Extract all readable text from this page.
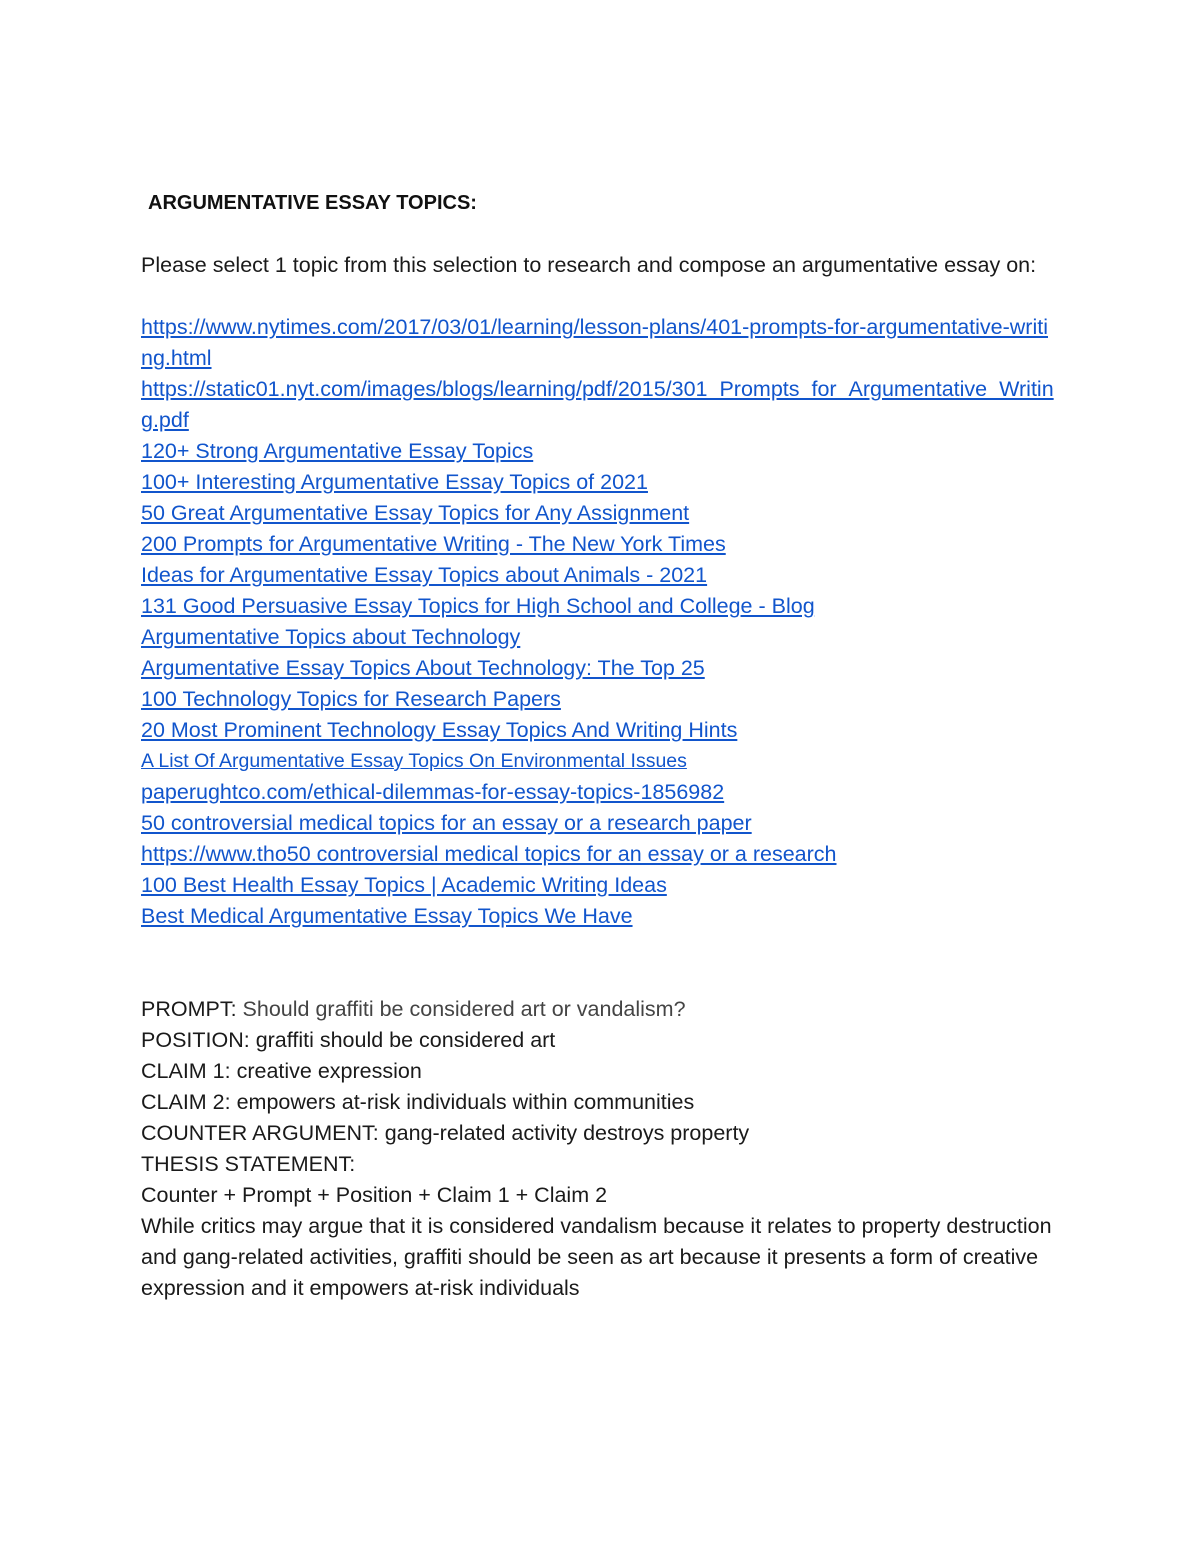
ARGUMENTATIVE ESSAY TOPICS:
Please select 1 topic from this selection to research and compose an argumentative essay on:
https://www.nytimes.com/2017/03/01/learning/lesson-plans/401-prompts-for-argumentative-writing.html
https://static01.nyt.com/images/blogs/learning/pdf/2015/301_Prompts_for_Argumentative_Writing.pdf
120+ Strong Argumentative Essay Topics
100+ Interesting Argumentative Essay Topics of 2021
50 Great Argumentative Essay Topics for Any Assignment
200 Prompts for Argumentative Writing - The New York Times
Ideas for Argumentative Essay Topics about Animals - 2021
131 Good Persuasive Essay Topics for High School and College - Blog
Argumentative Topics about Technology
Argumentative Essay Topics About Technology: The Top 25
100 Technology Topics for Research Papers
20 Most Prominent Technology Essay Topics And Writing Hints
A List Of Argumentative Essay Topics On Environmental Issues
paperughtco.com/ethical-dilemmas-for-essay-topics-1856982
50 controversial medical topics for an essay or a research paper
https://www.tho50 controversial medical topics for an essay or a research
100 Best Health Essay Topics | Academic Writing Ideas
Best Medical Argumentative Essay Topics We Have
PROMPT: Should graffiti be considered art or vandalism?
POSITION: graffiti should be considered art
CLAIM 1: creative expression
CLAIM 2: empowers at-risk individuals within communities
COUNTER ARGUMENT: gang-related activity destroys property
THESIS STATEMENT:
Counter + Prompt + Position + Claim 1 + Claim 2
While critics may argue that it is considered vandalism because it relates to property destruction and gang-related activities, graffiti should be seen as art because it presents a form of creative expression and it empowers at-risk individuals
